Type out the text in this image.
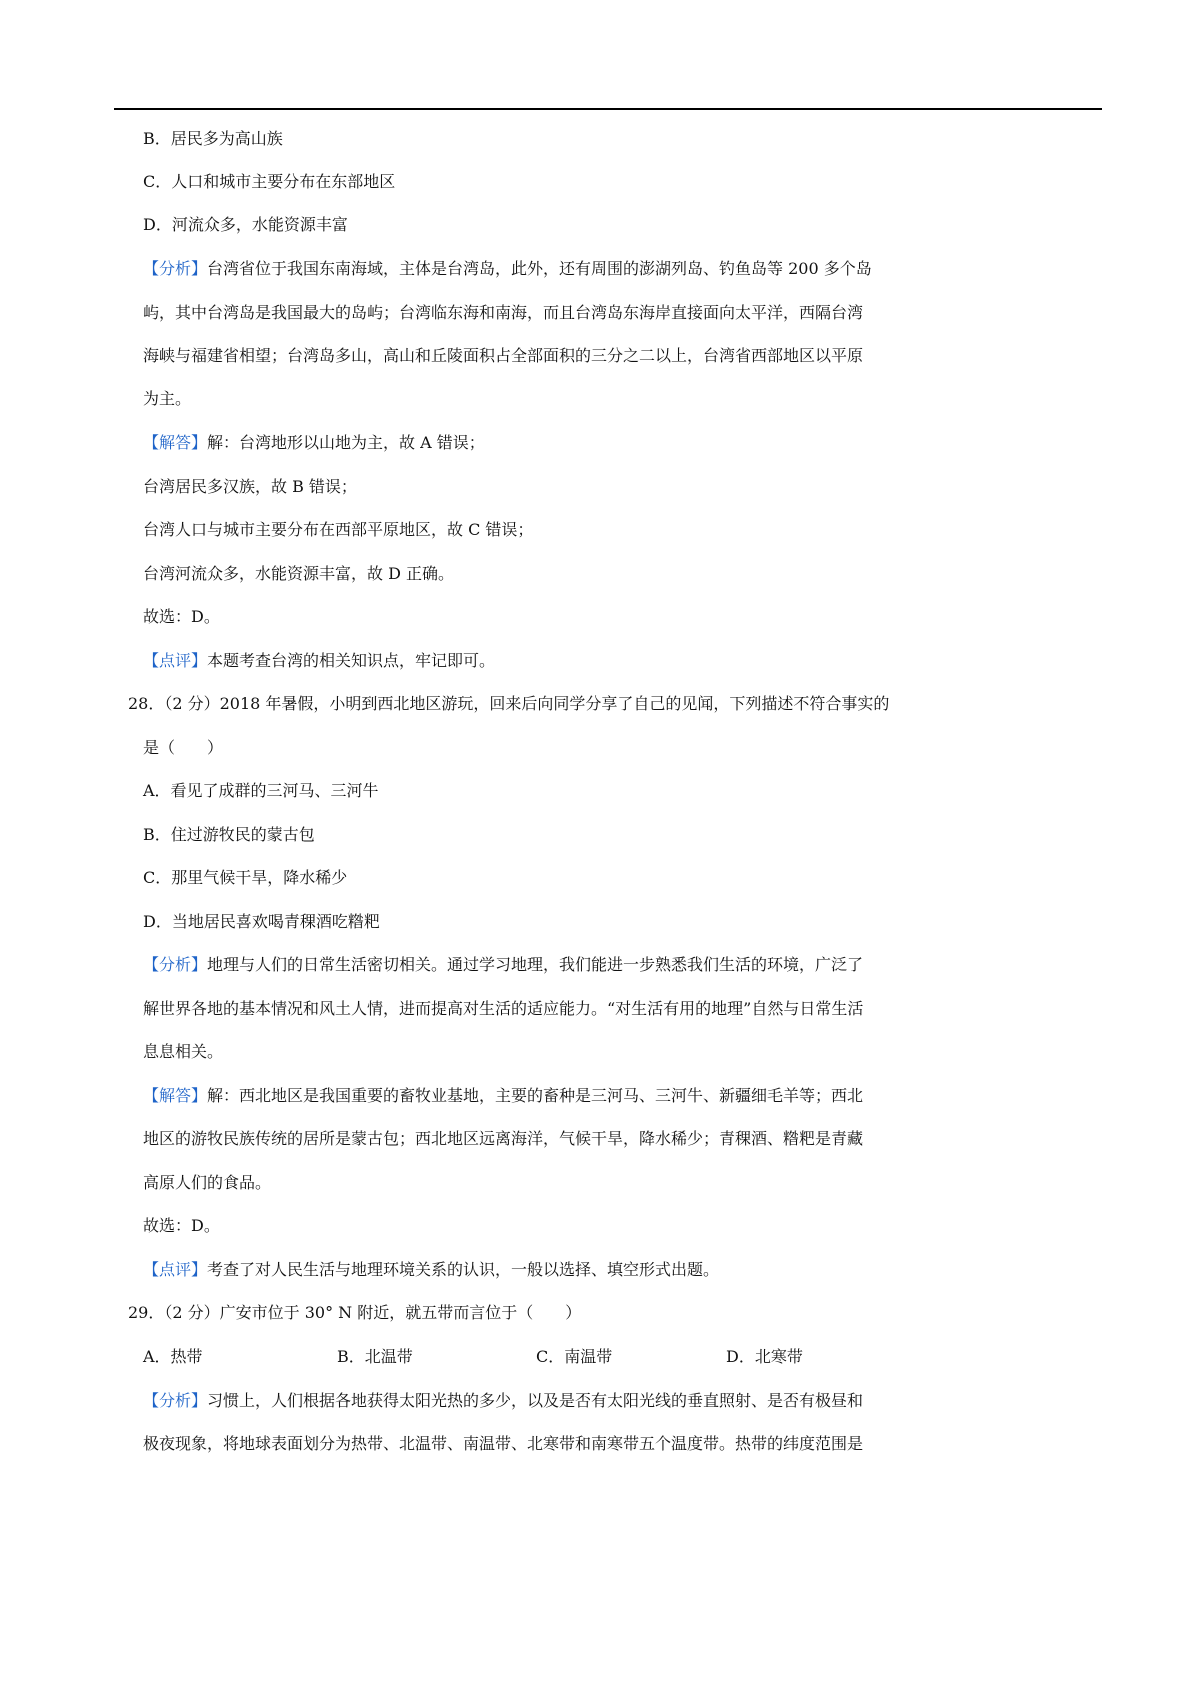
B．居民多为高山族
C．人口和城市主要分布在东部地区
D．河流众多，水能资源丰富
【分析】台湾省位于我国东南海域，主体是台湾岛，此外，还有周围的澎湖列岛、钓鱼岛等 200 多个岛
屿，其中台湾岛是我国最大的岛屿；台湾临东海和南海，而且台湾岛东海岸直接面向太平洋，西隔台湾
海峡与福建省相望；台湾岛多山，高山和丘陵面积占全部面积的三分之二以上，台湾省西部地区以平原
为主。
【解答】解：台湾地形以山地为主，故 A 错误；
台湾居民多汉族，故 B 错误；
台湾人口与城市主要分布在西部平原地区，故 C 错误；
台湾河流众多，水能资源丰富，故 D 正确。
故选：D。
【点评】本题考查台湾的相关知识点，牢记即可。
28．（2 分）2018 年暑假，小明到西北地区游玩，回来后向同学分享了自己的见闻，下列描述不符合事实的
是（　　）
A．看见了成群的三河马、三河牛
B．住过游牧民的蒙古包
C．那里气候干旱，降水稀少
D．当地居民喜欢喝青稞酒吃糌粑
【分析】地理与人们的日常生活密切相关。通过学习地理，我们能进一步熟悉我们生活的环境，广泛了
解世界各地的基本情况和风土人情，进而提高对生活的适应能力。“对生活有用的地理”自然与日常生活
息息相关。
【解答】解：西北地区是我国重要的畜牧业基地，主要的畜种是三河马、三河牛、新疆细毛羊等；西北
地区的游牧民族传统的居所是蒙古包；西北地区远离海洋，气候干旱，降水稀少；青稞酒、糌粑是青藏
高原人们的食品。
故选：D。
【点评】考查了对人民生活与地理环境关系的认识，一般以选择、填空形式出题。
29．（2 分）广安市位于 30° N 附近，就五带而言位于（　　）
A．热带	B．北温带	C．南温带	D．北寒带
【分析】习惯上，人们根据各地获得太阳光热的多少，以及是否有太阳光线的垂直照射、是否有极昼和
极夜现象，将地球表面划分为热带、北温带、南温带、北寒带和南寒带五个温度带。热带的纬度范围是
